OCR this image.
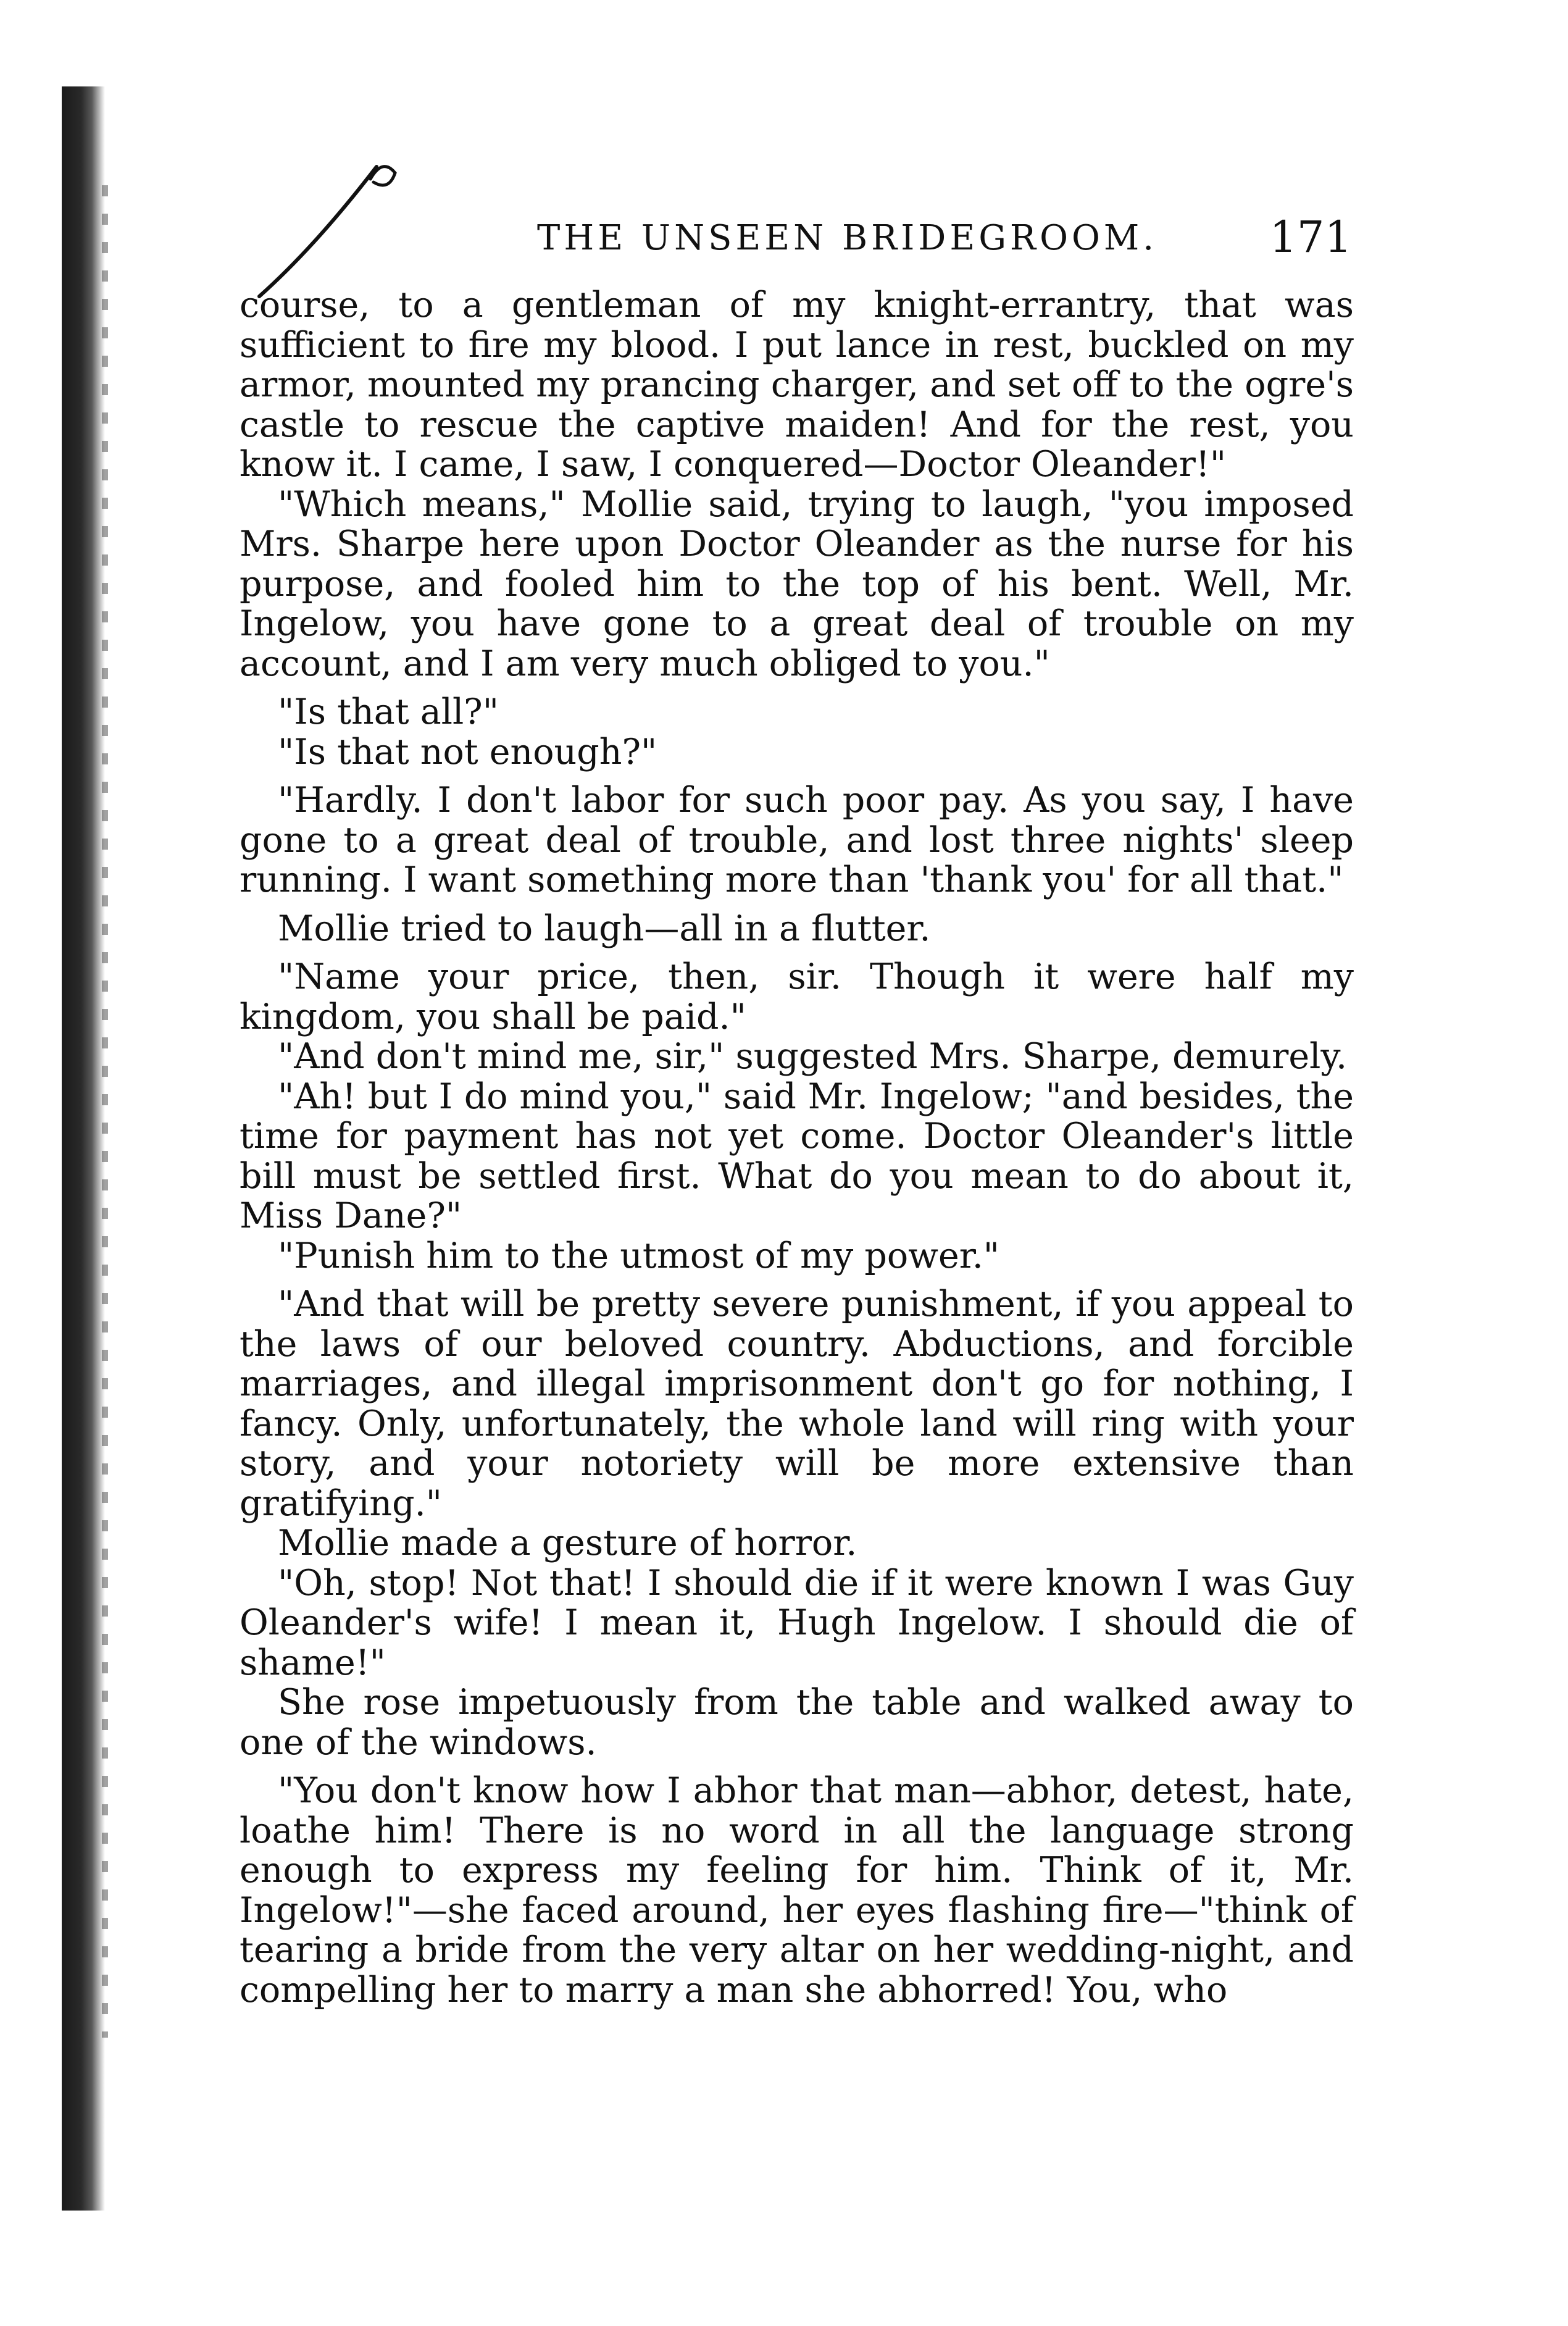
THE UNSEEN BRIDEGROOM.	171

course, to a gentleman of my knight-errantry, that was sufficient to fire my blood. I put lance in rest, buckled on my armor, mounted my prancing charger, and set off to the ogre's castle to rescue the captive maiden! And for the rest, you know it. I came, I saw, I conquered—Doctor Oleander!"

"Which means," Mollie said, trying to laugh, "you imposed Mrs. Sharpe here upon Doctor Oleander as the nurse for his purpose, and fooled him to the top of his bent. Well, Mr. Ingelow, you have gone to a great deal of trouble on my account, and I am very much obliged to you."

"Is that all?"

"Is that not enough?"

"Hardly. I don't labor for such poor pay. As you say, I have gone to a great deal of trouble, and lost three nights' sleep running. I want something more than 'thank you' for all that."

Mollie tried to laugh—all in a flutter.

"Name your price, then, sir. Though it were half my kingdom, you shall be paid."

"And don't mind me, sir," suggested Mrs. Sharpe, demurely.

"Ah! but I do mind you," said Mr. Ingelow; "and besides, the time for payment has not yet come. Doctor Oleander's little bill must be settled first. What do you mean to do about it, Miss Dane?"

"Punish him to the utmost of my power."

"And that will be pretty severe punishment, if you appeal to the laws of our beloved country. Abductions, and forcible marriages, and illegal imprisonment don't go for nothing, I fancy. Only, unfortunately, the whole land will ring with your story, and your notoriety will be more extensive than gratifying."

Mollie made a gesture of horror.

"Oh, stop! Not that! I should die if it were known I was Guy Oleander's wife! I mean it, Hugh Ingelow. I should die of shame!"

She rose impetuously from the table and walked away to one of the windows.

"You don't know how I abhor that man—abhor, detest, hate, loathe him! There is no word in all the language strong enough to express my feeling for him. Think of it, Mr. Ingelow!"—she faced around, her eyes flashing fire—"think of tearing a bride from the very altar on her wedding-night, and compelling her to marry a man she abhorred! You, who
